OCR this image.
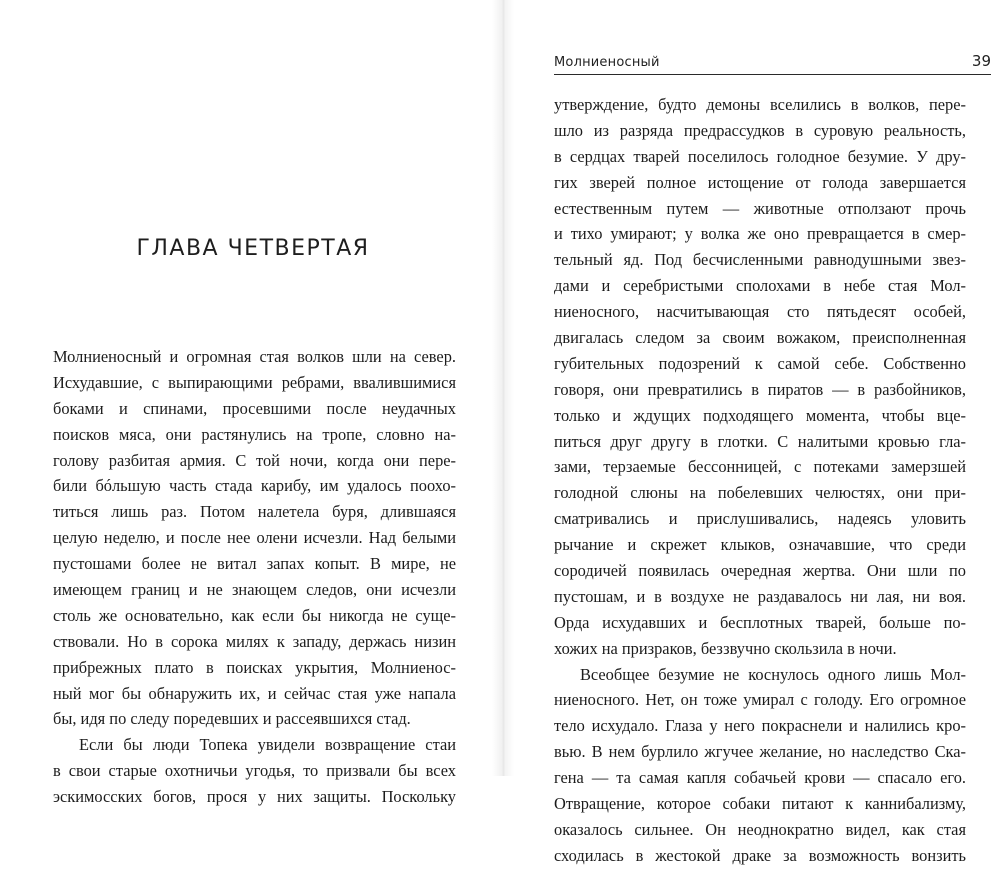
ГЛАВА ЧЕТВЕРТАЯ
Молниеносный и огромная стая волков шли на север.
Исхудавшие, с выпирающими ребрами, ввалившимися
боками и спинами, просевшими после неудачных
поисков мяса, они растянулись на тропе, словно на-
голову разбитая армия. С той ночи, когда они пере-
били бóльшую часть стада карибу, им удалось поохо-
титься лишь раз. Потом налетела буря, длившаяся
целую неделю, и после нее олени исчезли. Над белыми
пустошами более не витал запах копыт. В мире, не
имеющем границ и не знающем следов, они исчезли
столь же основательно, как если бы никогда не суще-
ствовали. Но в сорока милях к западу, держась низин
прибрежных плато в поисках укрытия, Молниенос-
ный мог бы обнаружить их, и сейчас стая уже напала
бы, идя по следу поредевших и рассеявшихся стад.
Если бы люди Топека увидели возвращение стаи
в свои старые охотничьи угодья, то призвали бы всех
эскимосских богов, прося у них защиты. Поскольку
Молниеносный	39
утверждение, будто демоны вселились в волков, пере-
шло из разряда предрассудков в суровую реальность,
в сердцах тварей поселилось голодное безумие. У дру-
гих зверей полное истощение от голода завершается
естественным путем — животные отползают прочь
и тихо умирают; у волка же оно превращается в смер-
тельный яд. Под бесчисленными равнодушными звез-
дами и серебристыми сполохами в небе стая Мол-
ниеносного, насчитывающая сто пятьдесят особей,
двигалась следом за своим вожаком, преисполненная
губительных подозрений к самой себе. Собственно
говоря, они превратились в пиратов — в разбойников,
только и ждущих подходящего момента, чтобы вце-
питься друг другу в глотки. С налитыми кровью гла-
зами, терзаемые бессонницей, с потеками замерзшей
голодной слюны на побелевших челюстях, они при-
сматривались и прислушивались, надеясь уловить
рычание и скрежет клыков, означавшие, что среди
сородичей появилась очередная жертва. Они шли по
пустошам, и в воздухе не раздавалось ни лая, ни воя.
Орда исхудавших и бесплотных тварей, больше по-
хожих на призраков, беззвучно скользила в ночи.
Всеобщее безумие не коснулось одного лишь Мол-
ниеносного. Нет, он тоже умирал с голоду. Его огромное
тело исхудало. Глаза у него покраснели и налились кро-
вью. В нем бурлило жгучее желание, но наследство Ска-
гена — та самая капля собачьей крови — спасало его.
Отвращение, которое собаки питают к каннибализму,
оказалось сильнее. Он неоднократно видел, как стая
сходилась в жестокой драке за возможность вонзить
